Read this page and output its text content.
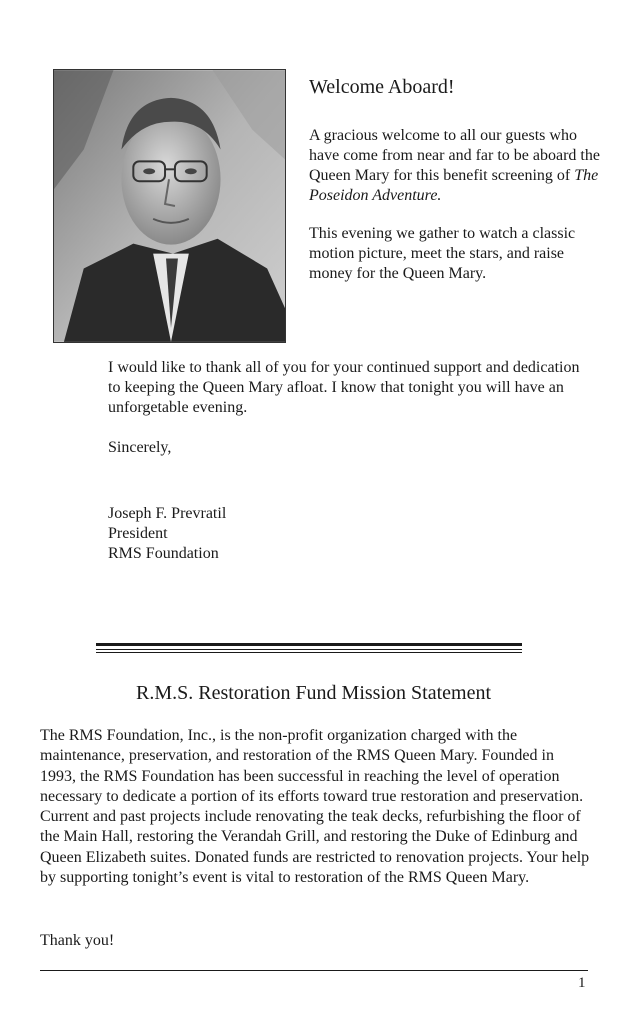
Welcome Aboard!

A gracious welcome to all our guests who have come from near and far to be aboard the Queen Mary for this benefit screening of The Poseidon Adventure.

This evening we gather to watch a classic motion picture, meet the stars, and raise money for the Queen Mary.

I would like to thank all of you for your continued support and dedication to keeping the Queen Mary afloat. I know that tonight you will have an unforgetable evening.

Sincerely,

Joseph F. Prevratil

President

RMS Foundation

R.M.S. Restoration Fund Mission Statement

The RMS Foundation, Inc., is the non-profit organization charged with the maintenance, preservation, and restoration of the RMS Queen Mary. Founded in 1993, the RMS Foundation has been successful in reaching the level of operation necessary to dedicate a portion of its efforts toward true restoration and preservation. Current and past projects include renovating the teak decks, refurbishing the floor of the Main Hall, restoring the Verandah Grill, and restoring the Duke of Edinburg and Queen Elizabeth suites. Donated funds are restricted to renovation projects. Your help by supporting tonight’s event is vital to restoration of the RMS Queen Mary.

Thank you!

1
